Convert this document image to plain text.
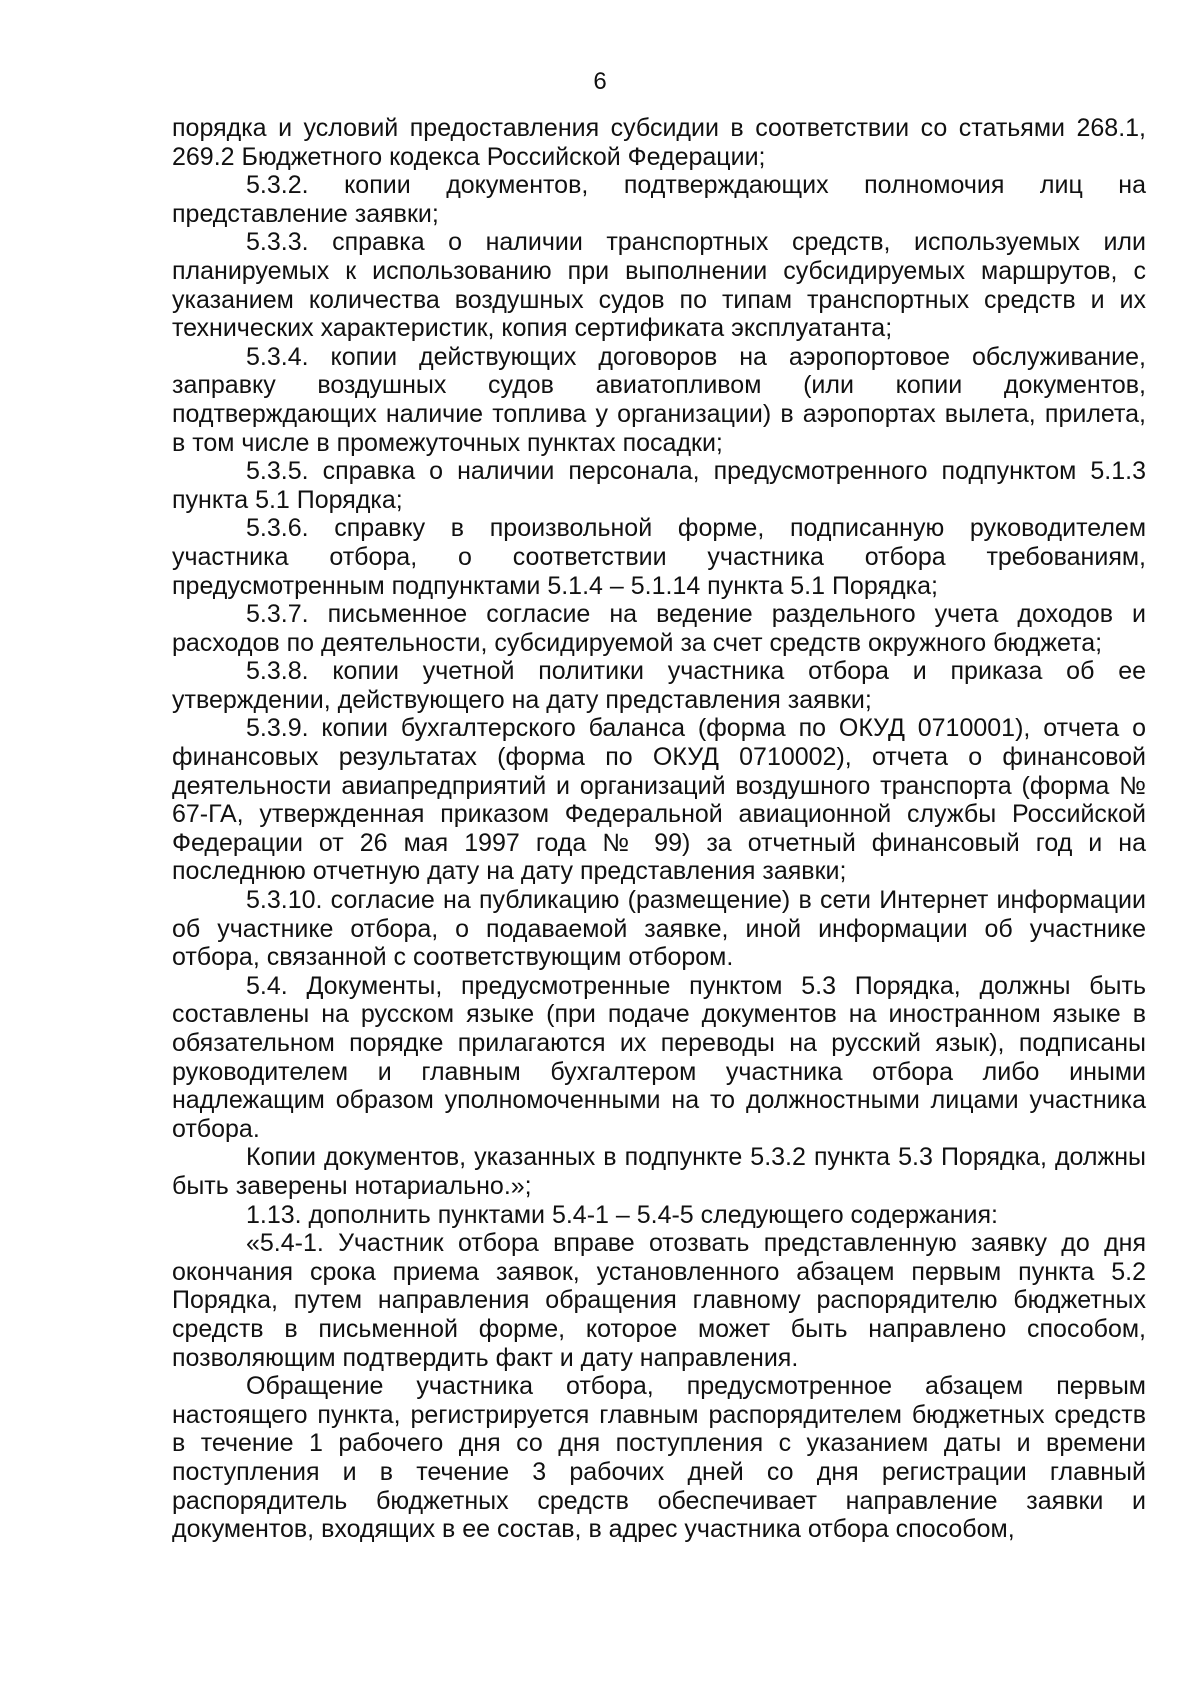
6

порядка и условий предоставления субсидии в соответствии со статьями 268.1, 269.2 Бюджетного кодекса Российской Федерации;

5.3.2. копии документов, подтверждающих полномочия лиц на представление заявки;

5.3.3. справка о наличии транспортных средств, используемых или планируемых к использованию при выполнении субсидируемых маршрутов, с указанием количества воздушных судов по типам транспортных средств и их технических характеристик, копия сертификата эксплуатанта;

5.3.4. копии действующих договоров на аэропортовое обслуживание, заправку воздушных судов авиатопливом (или копии документов, подтверждающих наличие топлива у организации) в аэропортах вылета, прилета, в том числе в промежуточных пунктах посадки;

5.3.5. справка о наличии персонала, предусмотренного подпунктом 5.1.3 пункта 5.1 Порядка;

5.3.6. справку в произвольной форме, подписанную руководителем участника отбора, о соответствии участника отбора требованиям, предусмотренным подпунктами 5.1.4 – 5.1.14 пункта 5.1 Порядка;

5.3.7. письменное согласие на ведение раздельного учета доходов и расходов по деятельности, субсидируемой за счет средств окружного бюджета;

5.3.8. копии учетной политики участника отбора и приказа об ее утверждении, действующего на дату представления заявки;

5.3.9. копии бухгалтерского баланса (форма по ОКУД 0710001), отчета о финансовых результатах (форма по ОКУД 0710002), отчета о финансовой деятельности авиапредприятий и организаций воздушного транспорта (форма № 67-ГА, утвержденная приказом Федеральной авиационной службы Российской Федерации от 26 мая 1997 года № 99) за отчетный финансовый год и на последнюю отчетную дату на дату представления заявки;

5.3.10. согласие на публикацию (размещение) в сети Интернет информации об участнике отбора, о подаваемой заявке, иной информации об участнике отбора, связанной с соответствующим отбором.

5.4. Документы, предусмотренные пунктом 5.3 Порядка, должны быть составлены на русском языке (при подаче документов на иностранном языке в обязательном порядке прилагаются их переводы на русский язык), подписаны руководителем и главным бухгалтером участника отбора либо иными надлежащим образом уполномоченными на то должностными лицами участника отбора.

Копии документов, указанных в подпункте 5.3.2 пункта 5.3 Порядка, должны быть заверены нотариально.»;

1.13. дополнить пунктами 5.4-1 – 5.4-5 следующего содержания:

«5.4-1. Участник отбора вправе отозвать представленную заявку до дня окончания срока приема заявок, установленного абзацем первым пункта 5.2 Порядка, путем направления обращения главному распорядителю бюджетных средств в письменной форме, которое может быть направлено способом, позволяющим подтвердить факт и дату направления.

Обращение участника отбора, предусмотренное абзацем первым настоящего пункта, регистрируется главным распорядителем бюджетных средств в течение 1 рабочего дня со дня поступления с указанием даты и времени поступления и в течение 3 рабочих дней со дня регистрации главный распорядитель бюджетных средств обеспечивает направление заявки и документов, входящих в ее состав, в адрес участника отбора способом,
